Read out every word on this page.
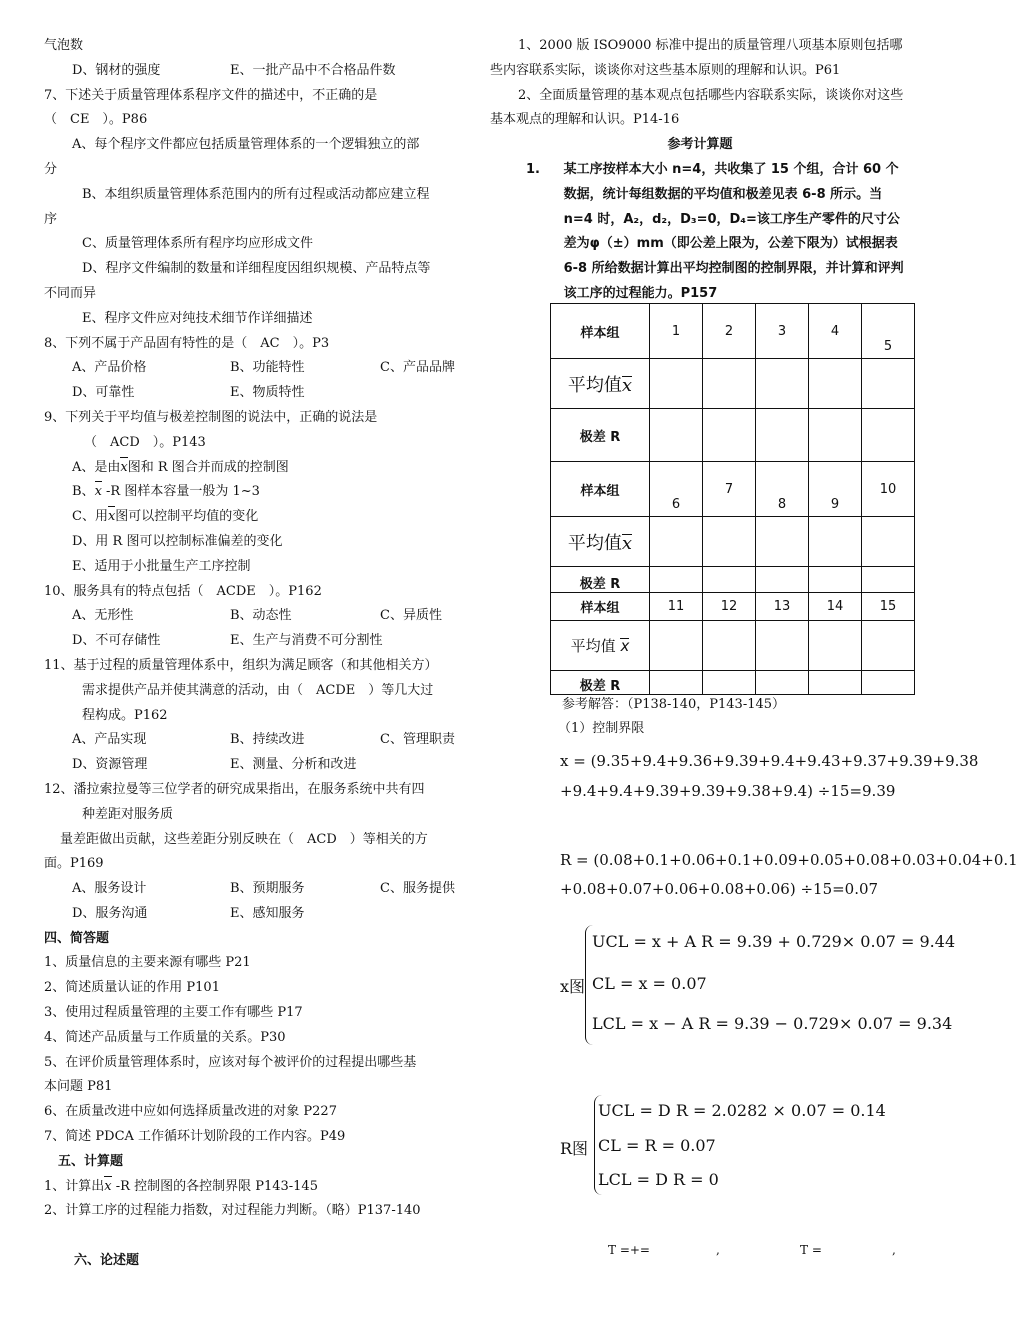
气泡数

D、钢材的强度	E、一批产品中不合格品件数

7、下述关于质量管理体系程序文件的描述中，不正确的是

（　CE　）。P86

A、每个程序文件都应包括质量管理体系的一个逻辑独立的部

分

B、本组织质量管理体系范围内的所有过程或活动都应建立程

序

C、质量管理体系所有程序均应形成文件

D、程序文件编制的数量和详细程度因组织规模、产品特点等

不同而异

E、程序文件应对纯技术细节作详细描述

8、下列不属于产品固有特性的是（　AC　）。P3

A、产品价格	B、功能特性	C、产品品牌

D、可靠性	E、物质特性

9、下列关于平均值与极差控制图的说法中，正确的说法是

（　ACD　）。P143

A、是由x图和 R 图合并而成的控制图

B、x -R 图样本容量一般为 1~3

C、用x图可以控制平均值的变化

D、用 R 图可以控制标准偏差的变化

E、适用于小批量生产工序控制

10、服务具有的特点包括（　ACDE　）。P162

A、无形性	B、动态性	C、异质性

D、不可存储性	E、生产与消费不可分割性

11、基于过程的质量管理体系中，组织为满足顾客（和其他相关方）

需求提供产品并使其满意的活动，由（　ACDE　）等几大过

程构成。P162

A、产品实现	B、持续改进	C、管理职责

D、资源管理	E、测量、分析和改进

12、潘拉索拉曼等三位学者的研究成果指出，在服务系统中共有四

种差距对服务质

量差距做出贡献，这些差距分别反映在（　ACD　）等相关的方

面。P169

A、服务设计	B、预期服务	C、服务提供

D、服务沟通	E、感知服务

四、简答题

1、质量信息的主要来源有哪些 P21

2、简述质量认证的作用 P101

3、使用过程质量管理的主要工作有哪些 P17

4、简述产品质量与工作质量的关系。P30

5、在评价质量管理体系时，应该对每个被评价的过程提出哪些基

本问题 P81

6、在质量改进中应如何选择质量改进的对象 P227

7、简述 PDCA 工作循环计划阶段的工作内容。P49

五、计算题

1、计算出x -R 控制图的各控制界限 P143-145

2、计算工序的过程能力指数，对过程能力判断。（略）P137-140

六、论述题

1、2000 版 ISO9000 标准中提出的质量管理八项基本原则包括哪些内容联系实际，谈谈你对这些基本原则的理解和认识。P61

2、全面质量管理的基本观点包括哪些内容联系实际，谈谈你对这些基本观点的理解和认识。P14-16

参考计算题

1.	某工序按样本大小 n=4，共收集了 15 个组，合计 60 个数据，统计每组数据的平均值和极差见表 6-8 所示。当 n=4 时，A₂，d₂，D₃=0，D₄=该工序生产零件的尺寸公差为φ（±）mm（即公差上限为，公差下限为）试根据表 6-8 所给数据计算出平均控制图的控制界限，并计算和评判该工序的过程能力。P157
样本组	1	2	3	4	5
平均值x					
极差 R					
样本组	6	7	8	9	10
平均值x					
极差 R					
样本组	11	12	13	14	15
平均值 x					
极差 R					
参考解答：（P138-140，P143-145）
（1）控制界限
x = (9.35+9.4+9.36+9.39+9.4+9.43+9.37+9.39+9.38
+9.4+9.4+9.39+9.39+9.38+9.4) ÷15=9.39
R = (0.08+0.1+0.06+0.1+0.09+0.05+0.08+0.03+0.04+0.1
+0.08+0.07+0.06+0.08+0.06) ÷15=0.07
x图
UCL = x + A R = 9.39 + 0.729× 0.07 = 9.44
CL = x = 0.07
LCL = x − A R = 9.39 − 0.729× 0.07 = 9.34
R图
UCL = D R = 2.0282 × 0.07 = 0.14
CL = R = 0.07
LCL = D R = 0
T =+=	,	T =	,
